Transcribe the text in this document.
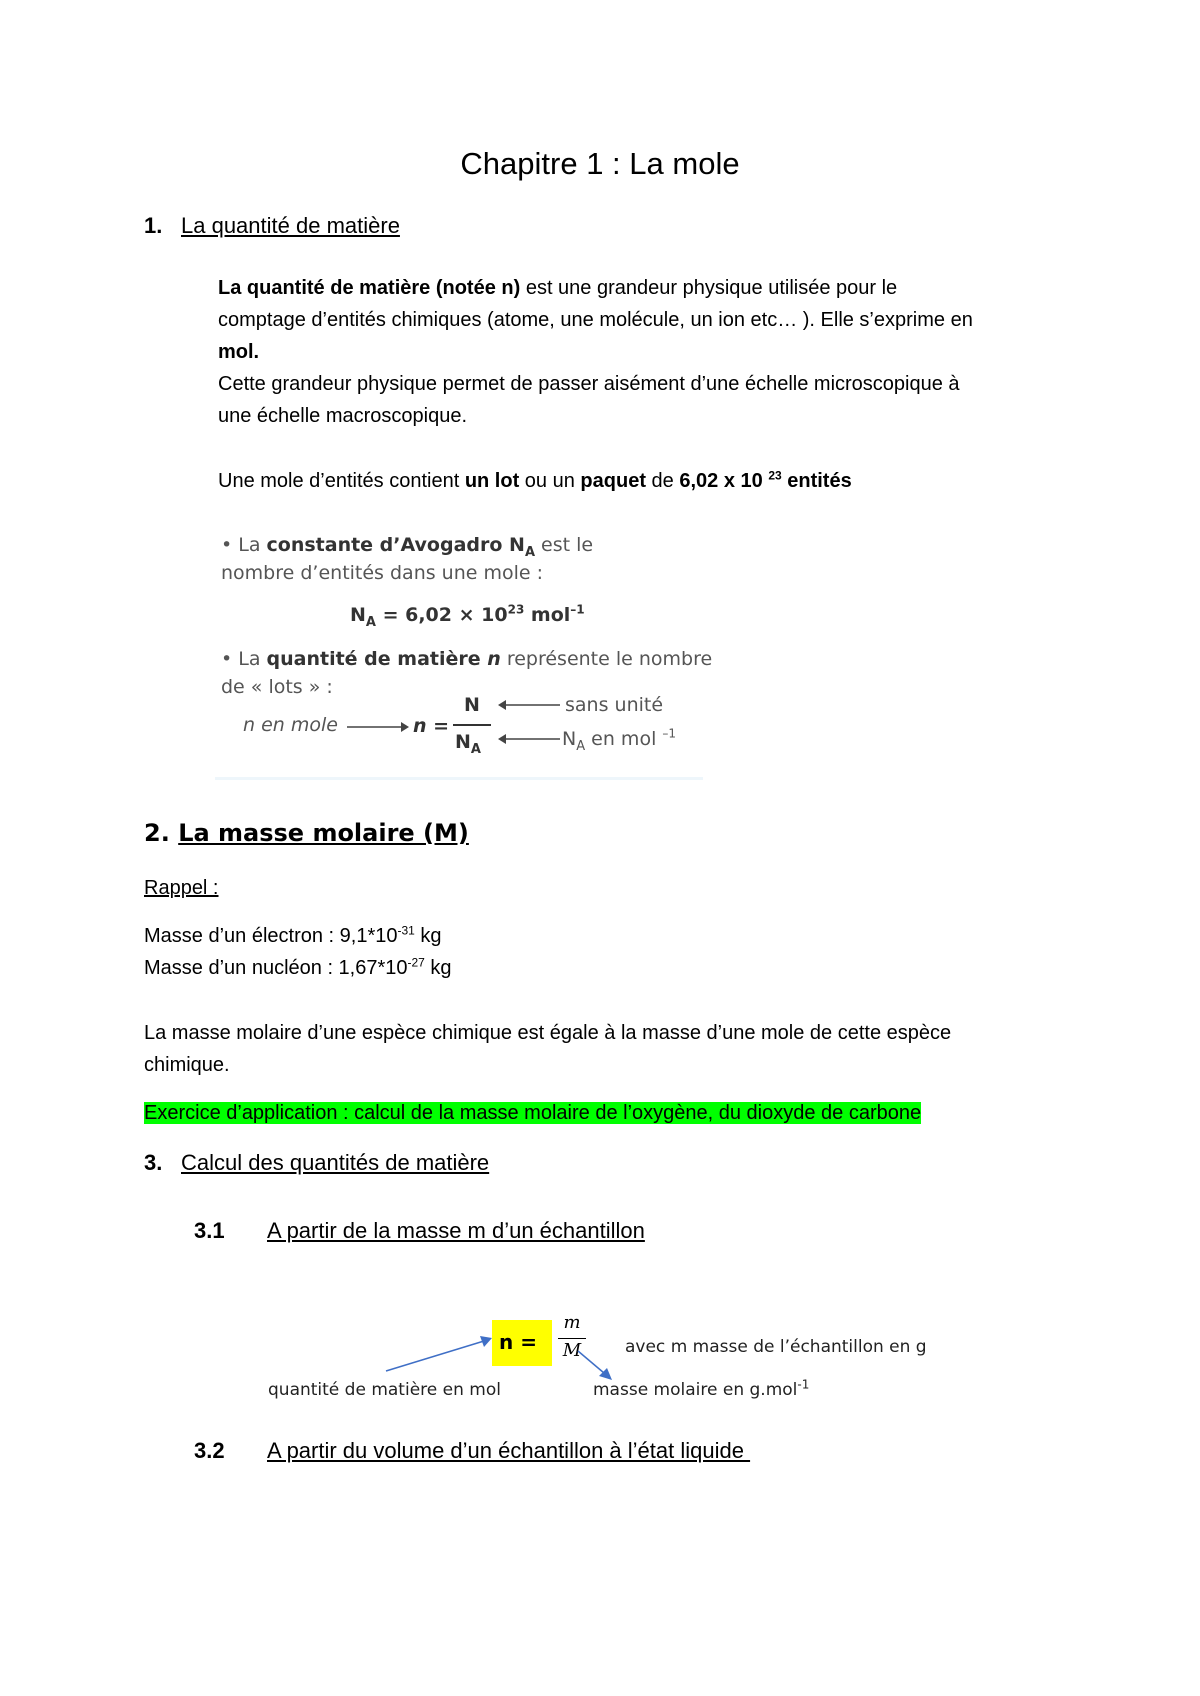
Chapitre 1 : La mole
1. La quantité de matière
La quantité de matière (notée n) est une grandeur physique utilisée pour le
comptage d’entités chimiques (atome, une molécule, un ion etc… ). Elle s’exprime en
mol.
Cette grandeur physique permet de passer aisément d’une échelle microscopique à
une échelle macroscopique.
Une mole d’entités contient un lot ou un paquet de 6,02 x 10 $^{23}$ entités
• La constante d’Avogadro $N_A$ est le
nombre d’entités dans une mole :
$N_A = 6,02 \times 10^{23}$ mol$^{-1}$
• La quantité de matière n représente le nombre
de « lots » :
n en mole	n =
N
$N_A$
sans unité
$N_A$ en mol $^{-1}$
2. La masse molaire (M)
Rappel :
Masse d’un électron : $9,1*10^{-31}$ kg
Masse d’un nucléon : $1,67*10^{-27}$ kg
La masse molaire d’une espèce chimique est égale à la masse d’une mole de cette espèce
chimique.
Exercice d’application : calcul de la masse molaire de l’oxygène, du dioxyde de carbone
3. Calcul des quantités de matière
3.1 A partir de la masse m d’un échantillon
n =
m
M	avec m masse de l’échantillon en g
quantité de matière en mol	masse molaire en g.mol$^{-1}$
3.2 A partir du volume d’un échantillon à l’état liquide
